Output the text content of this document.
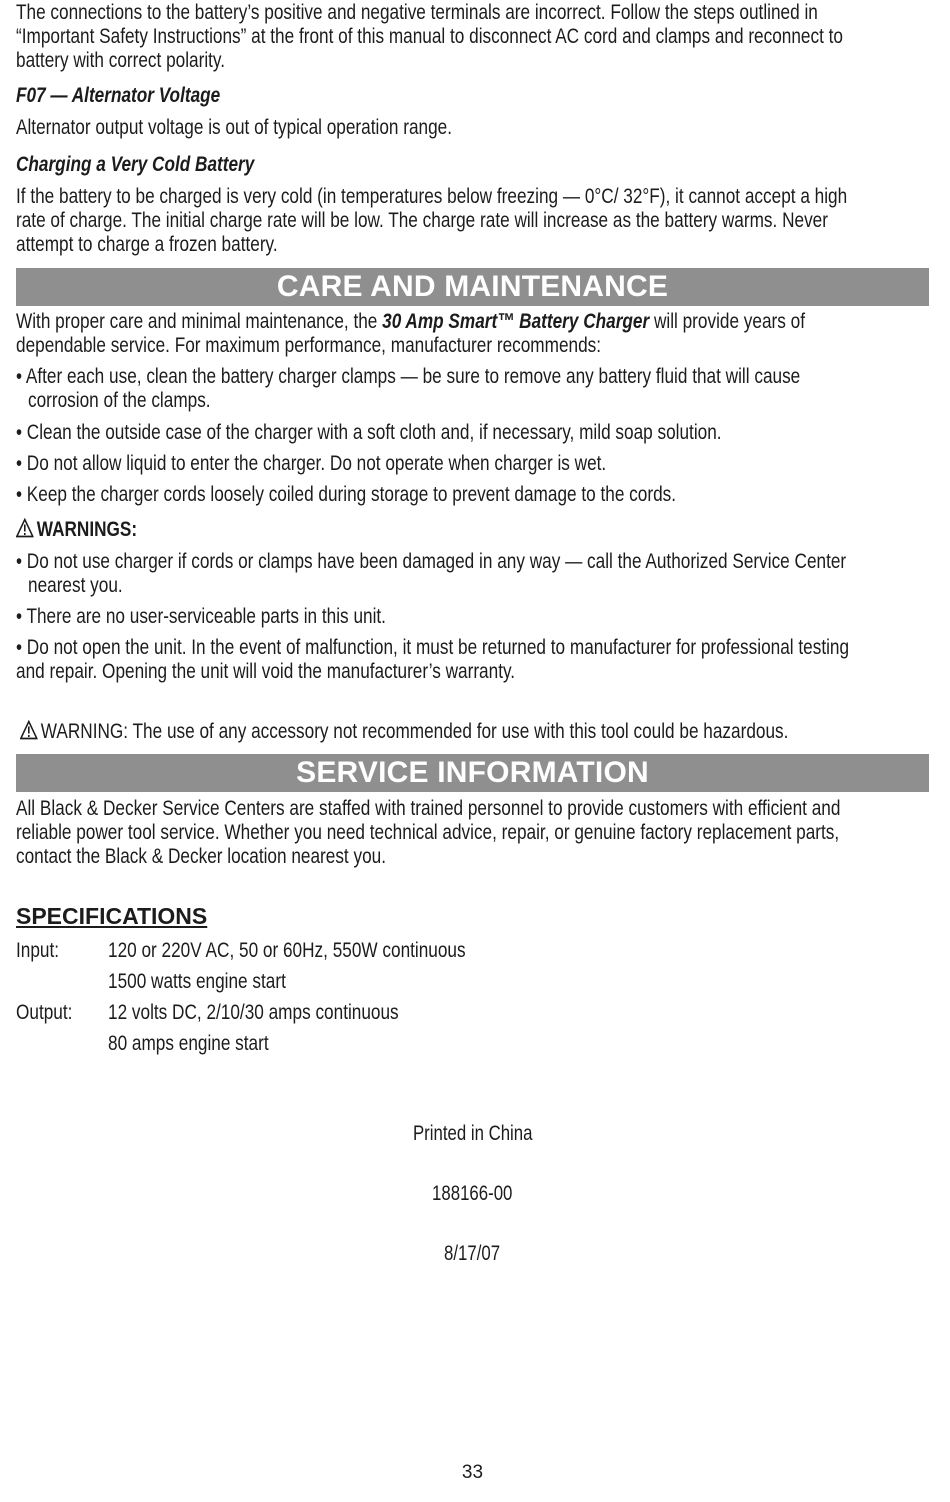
The connections to the battery’s positive and negative terminals are incorrect. Follow the steps outlined in

“Important Safety Instructions” at the front of this manual to disconnect AC cord and clamps and reconnect to

battery with correct polarity.

F07 — Alternator Voltage

Alternator output voltage is out of typical operation range.

Charging a Very Cold Battery

If the battery to be charged is very cold (in temperatures below freezing — 0°C/ 32°F), it cannot accept a high

rate of charge. The initial charge rate will be low. The charge rate will increase as the battery warms. Never

attempt to charge a frozen battery.

CARE AND MAINTENANCE

With proper care and minimal maintenance, the 30 Amp Smart™ Battery Charger will provide years of

dependable service. For maximum performance, manufacturer recommends:

• After each use, clean the battery charger clamps — be sure to remove any battery fluid that will cause

corrosion of the clamps.

• Clean the outside case of the charger with a soft cloth and, if necessary, mild soap solution.

• Do not allow liquid to enter the charger. Do not operate when charger is wet.

• Keep the charger cords loosely coiled during storage to prevent damage to the cords.

WARNINGS:

• Do not use charger if cords or clamps have been damaged in any way — call the Authorized Service Center

nearest you.

• There are no user-serviceable parts in this unit.

• Do not open the unit. In the event of malfunction, it must be returned to manufacturer for professional testing

and repair. Opening the unit will void the manufacturer’s warranty.

WARNING: The use of any accessory not recommended for use with this tool could be hazardous.

SERVICE INFORMATION

All Black & Decker Service Centers are staffed with trained personnel to provide customers with efficient and

reliable power tool service. Whether you need technical advice, repair, or genuine factory replacement parts,

contact the Black & Decker location nearest you.

SPECIFICATIONS

Input: 120 or 220V AC, 50 or 60Hz, 550W continuous

1500 watts engine start

Output: 12 volts DC, 2/10/30 amps continuous

80 amps engine start

Printed in China
188166-00
8/17/07
33
